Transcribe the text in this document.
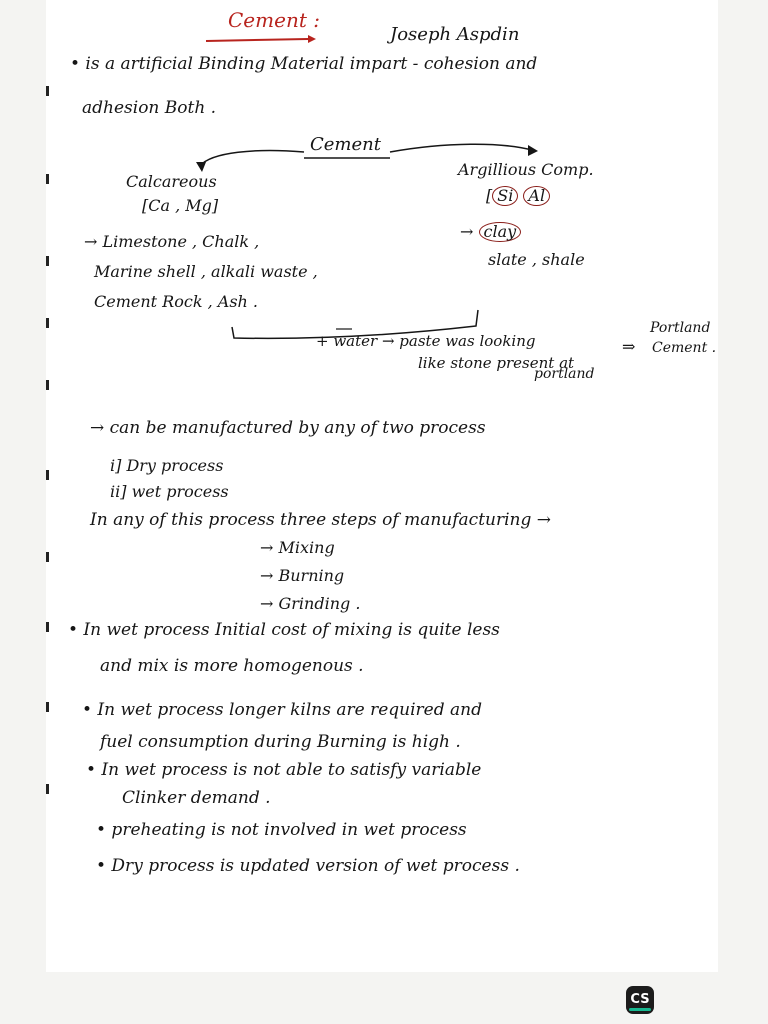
Cement :
Joseph Aspdin
• is a artificial Binding Material impart - cohesion and
adhesion Both .
Cement
Calcareous
[Ca , Mg]
→ Limestone , Chalk ,
Marine shell , alkali waste ,
Cement Rock , Ash .
Argillious Comp.
[ Si Al
→ clay
slate , shale
+ water → paste was looking
like stone present at
portland
⇒
Portland
Cement .
→ can be manufactured by any of two process
i] Dry process
ii] wet process
In any of this process three steps of manufacturing →
→ Mixing
→ Burning
→ Grinding .
• In wet process Initial cost of mixing is quite less
and mix is more homogenous .
• In wet process longer kilns are required and
fuel consumption during Burning is high .
• In wet process is not able to satisfy variable
Clinker demand .
• preheating is not involved in wet process
• Dry process is updated version of wet process .
CS
